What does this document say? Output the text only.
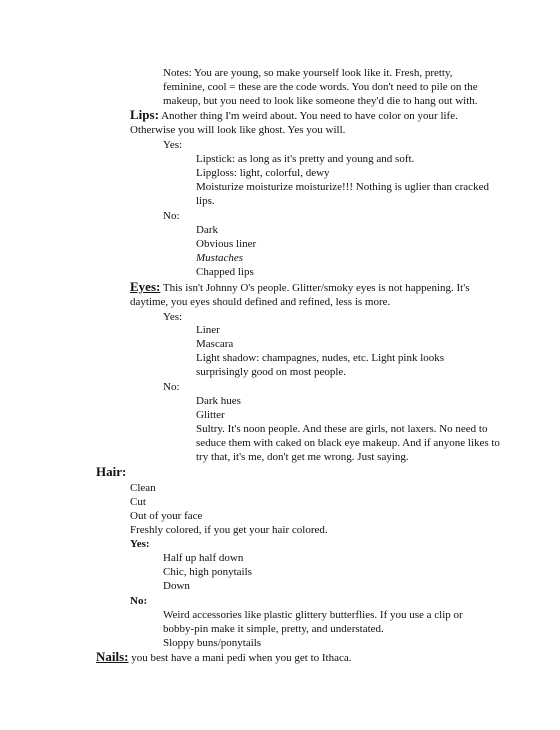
Notes: You are young, so make yourself look like it. Fresh, pretty, feminine, cool = these are the code words. You don't need to pile on the makeup, but you need to look like someone they'd die to hang out with.
Lips: Another thing I'm weird about. You need to have color on your life. Otherwise you will look like ghost. Yes you will.
Yes:
Lipstick: as long as it's pretty and young and soft.
Lipgloss: light, colorful, dewy
Moisturize moisturize moisturize!!! Nothing is uglier than cracked lips.
No:
Dark
Obvious liner
Mustaches
Chapped lips
Eyes: This isn't Johnny O's people. Glitter/smoky eyes is not happening. It's daytime, you eyes should defined and refined, less is more.
Yes:
Liner
Mascara
Light shadow: champagnes, nudes, etc. Light pink looks surprisingly good on most people.
No:
Dark hues
Glitter
Sultry. It's noon people. And these are girls, not laxers. No need to seduce them with caked on black eye makeup. And if anyone likes to try that, it's me, don't get me wrong. Just saying.
Hair:
Clean
Cut
Out of your face
Freshly colored, if you get your hair colored.
Yes:
Half up half down
Chic, high ponytails
Down
No:
Weird accessories like plastic glittery butterflies. If you use a clip or bobby-pin make it simple, pretty, and understated.
Sloppy buns/ponytails
Nails: you best have a mani pedi when you get to Ithaca.
